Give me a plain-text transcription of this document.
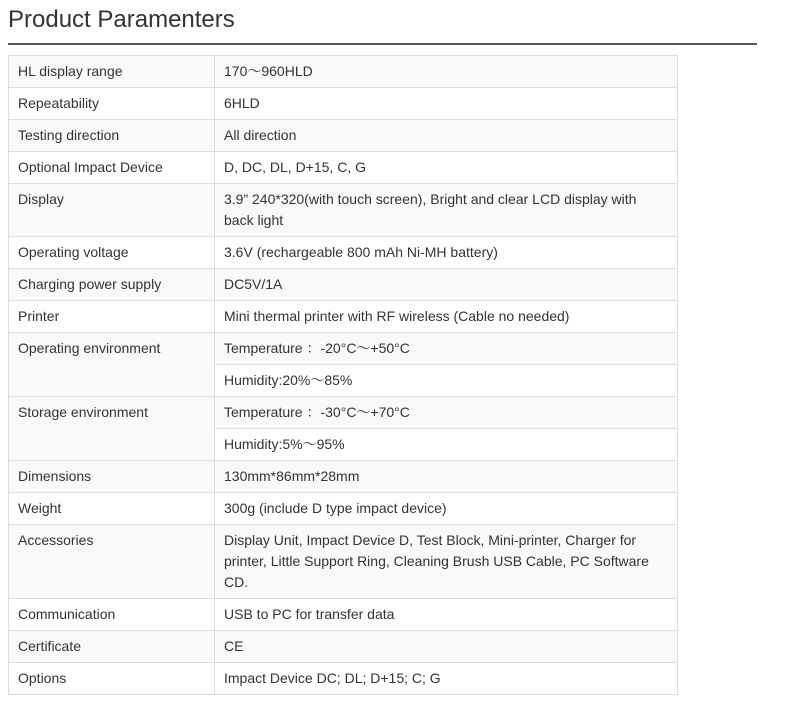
Product Paramenters
HL display range	170～960HLD
Repeatability	6HLD
Testing direction	All direction
Optional Impact Device	D, DC, DL, D+15, C, G
Display	3.9” 240*320(with touch screen), Bright and clear LCD display with back light
Operating voltage	3.6V (rechargeable 800 mAh Ni-MH battery)
Charging power supply	DC5V/1A
Printer	Mini thermal printer with RF wireless (Cable no needed)
Operating environment	Temperature ：-20°C～+50°C
	Humidity:20%～85%
Storage environment	Temperature ：-30°C～+70°C
	Humidity:5%～95%
Dimensions	130mm*86mm*28mm
Weight	300g (include D type impact device)
Accessories	Display Unit, Impact Device D, Test Block, Mini-printer, Charger for printer, Little Support Ring, Cleaning Brush USB Cable, PC Software CD.
Communication	USB to PC for transfer data
Certificate	CE
Options	Impact Device DC; DL; D+15; C; G
